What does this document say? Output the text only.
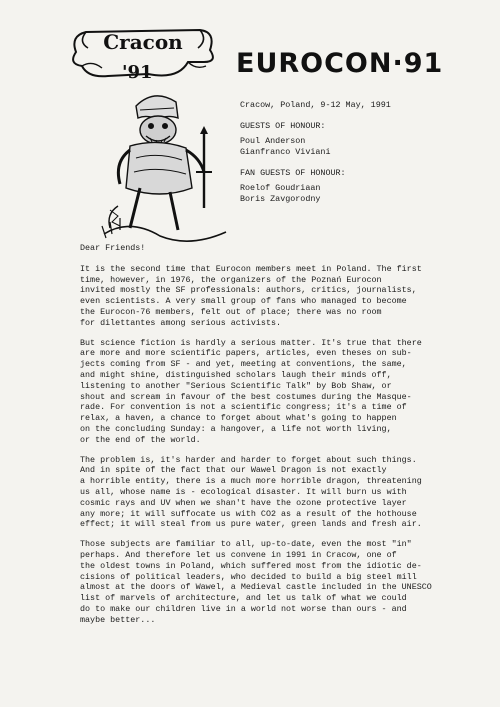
Cracon
'91	EUROCON·91
Cracow, Poland, 9-12 May, 1991
GUESTS OF HONOUR:
Poul Anderson
Gianfranco Viviani
FAN GUESTS OF HONOUR:
Roelof Goudriaan
Boris Zavgorodny
Dear Friends!
It is the second time that Eurocon members meet in Poland. The first
time, however, in 1976, the organizers of the Poznań Eurocon
invited mostly the SF professionals: authors, critics, journalists,
even scientists. A very small group of fans who managed to become
the Eurocon-76 members, felt out of place; there was no room
for dilettantes among serious activists.
But science fiction is hardly a serious matter. It's true that there
are more and more scientific papers, articles, even theses on sub-
jects coming from SF - and yet, meeting at conventions, the same,
and might shine, distinguished scholars laugh their minds off,
listening to another "Serious Scientific Talk" by Bob Shaw, or
shout and scream in favour of the best costumes during the Masque-
rade. For convention is not a scientific congress; it's a time of
relax, a haven, a chance to forget about what's going to happen
on the concluding Sunday: a hangover, a life not worth living,
or the end of the world.
The problem is, it's harder and harder to forget about such things.
And in spite of the fact that our Wawel Dragon is not exactly
a horrible entity, there is a much more horrible dragon, threatening
us all, whose name is - ecological disaster. It will burn us with
cosmic rays and UV when we shan't have the ozone protective layer
any more; it will suffocate us with CO2 as a result of the hothouse
effect; it will steal from us pure water, green lands and fresh air.
Those subjects are familiar to all, up-to-date, even the most "in"
perhaps. And therefore let us convene in 1991 in Cracow, one of
the oldest towns in Poland, which suffered most from the idiotic de-
cisions of political leaders, who decided to build a big steel mill
almost at the doors of Wawel, a Medieval castle included in the UNESCO
list of marvels of architecture, and let us talk of what we could
do to make our children live in a world not worse than ours - and
maybe better...
